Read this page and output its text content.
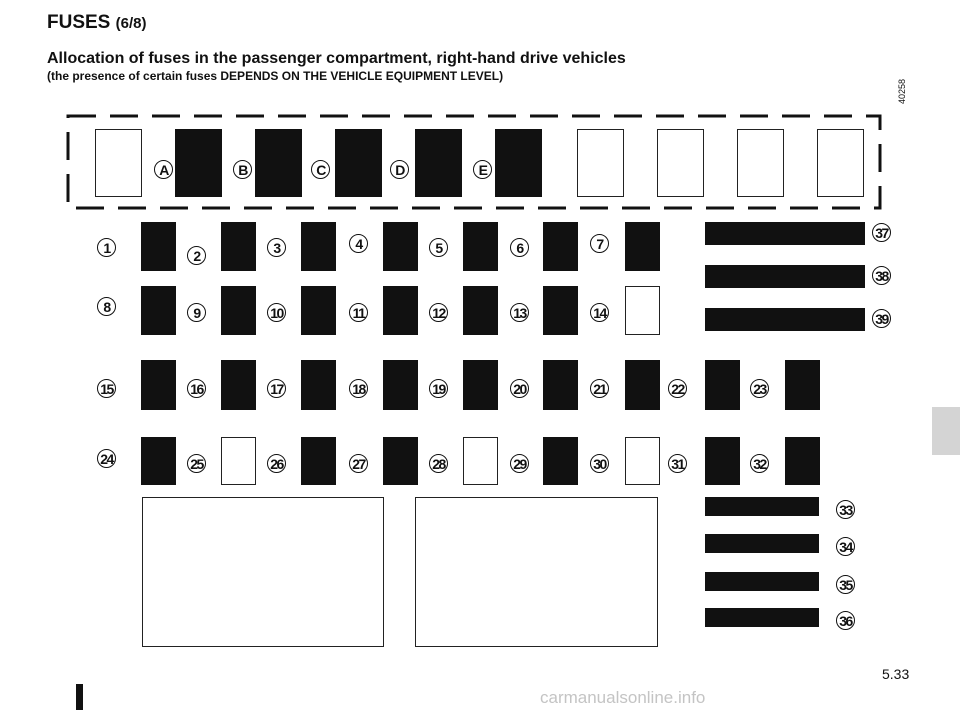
FUSES (6/8)
Allocation of fuses in the passenger compartment, right-hand drive vehicles
(the presence of certain fuses DEPENDS ON THE VEHICLE EQUIPMENT LEVEL)
40258
A	B	C	D	E
1	2	3	4	5	6	7
8	9	10	11	12	13	14
15	16	17	18	19	20	21	22	23
24	25	26	27	28	29	30	31	32
33
34
35
36
37
38
39
5.33
carmanualsonline.info
